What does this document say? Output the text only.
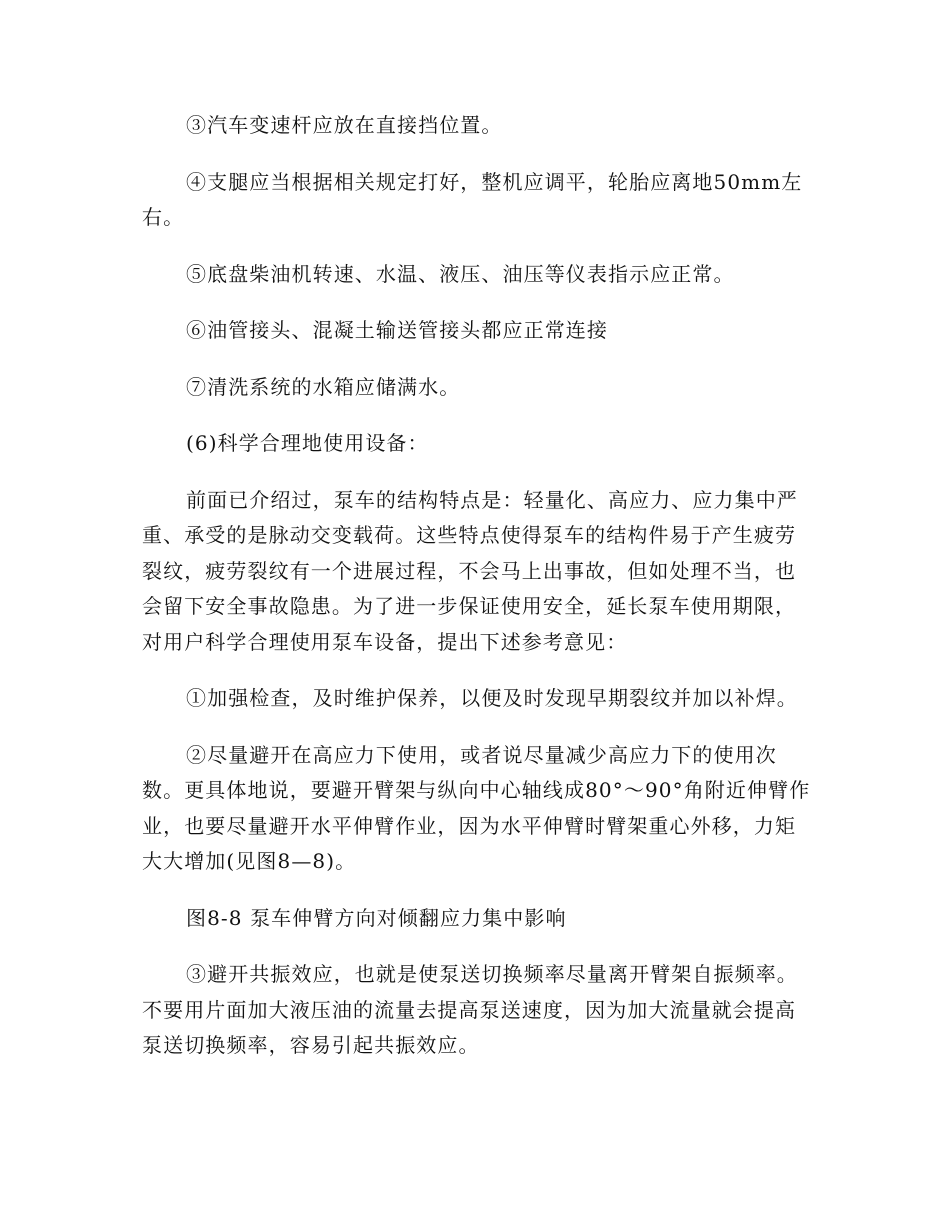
③汽车变速杆应放在直接挡位置。

④支腿应当根据相关规定打好，整机应调平，轮胎应离地50mm左右。

⑤底盘柴油机转速、水温、液压、油压等仪表指示应正常。

⑥油管接头、混凝土输送管接头都应正常连接

⑦清洗系统的水箱应储满水。

(6)科学合理地使用设备：

前面已介绍过，泵车的结构特点是：轻量化、高应力、应力集中严重、承受的是脉动交变载荷。这些特点使得泵车的结构件易于产生疲劳裂纹，疲劳裂纹有一个进展过程，不会马上出事故，但如处理不当，也会留下安全事故隐患。为了进一步保证使用安全，延长泵车使用期限，对用户科学合理使用泵车设备，提出下述参考意见：

①加强检查，及时维护保养，以便及时发现早期裂纹并加以补焊。

②尽量避开在高应力下使用，或者说尽量减少高应力下的使用次数。更具体地说，要避开臂架与纵向中心轴线成80°～90°角附近伸臂作业，也要尽量避开水平伸臂作业，因为水平伸臂时臂架重心外移，力矩大大增加(见图8—8)。

图8-8 泵车伸臂方向对倾翻应力集中影响

③避开共振效应，也就是使泵送切换频率尽量离开臂架自振频率。不要用片面加大液压油的流量去提高泵送速度，因为加大流量就会提高泵送切换频率，容易引起共振效应。
